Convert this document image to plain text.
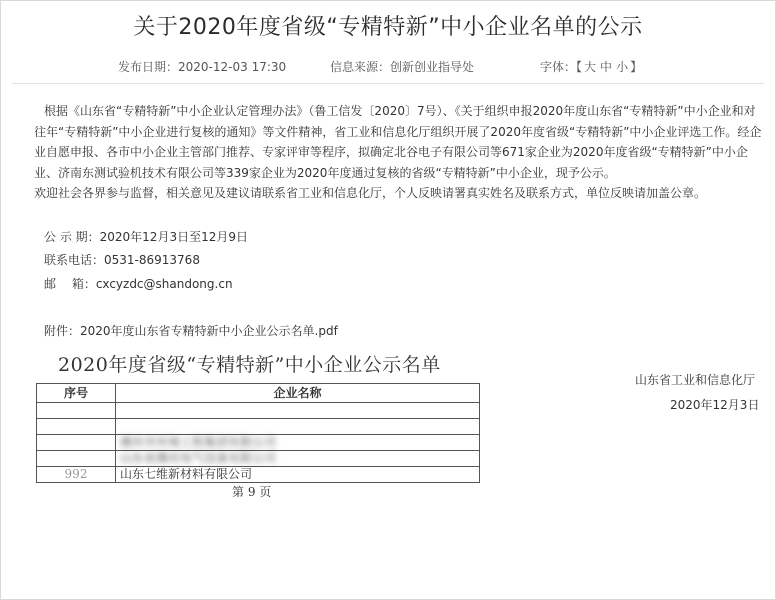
关于2020年度省级“专精特新”中小企业名单的公示
发布日期：2020-12-03 17:30	信息来源：创新创业指导处	字体：【 大 中 小 】

根据《山东省“专精特新”中小企业认定管理办法》（鲁工信发〔2020〕7号）、《关于组织申报2020年度山东省“专精特新”中小企业和对往年“专精特新”中小企业进行复核的通知》等文件精神，省工业和信息化厅组织开展了2020年度省级“专精特新”中小企业评选工作。经企业自愿申报、各市中小企业主管部门推荐、专家评审等程序，拟确定北谷电子有限公司等671家企业为2020年度省级“专精特新”中小企业、济南东测试验机技术有限公司等339家企业为2020年度通过复核的省级“专精特新”中小企业，现予公示。

欢迎社会各界参与监督，相关意见及建议请联系省工业和信息化厅，个人反映请署真实姓名及联系方式，单位反映请加盖公章。

公 示 期：2020年12月3日至12月9日
联系电话：0531-86913768
邮　 箱：cxcyzdc@shandong.cn
附件：2020年度山东省专精特新中小企业公示名单.pdf
2020年度省级“专精特新”中小企业公示名单
山东省工业和信息化厅
2020年12月3日
序号	企业名称

	潍坊市环境工程集团有限公司
	山东省潍坊电气设备有限公司
992	山东七维新材料有限公司
第 9 页
